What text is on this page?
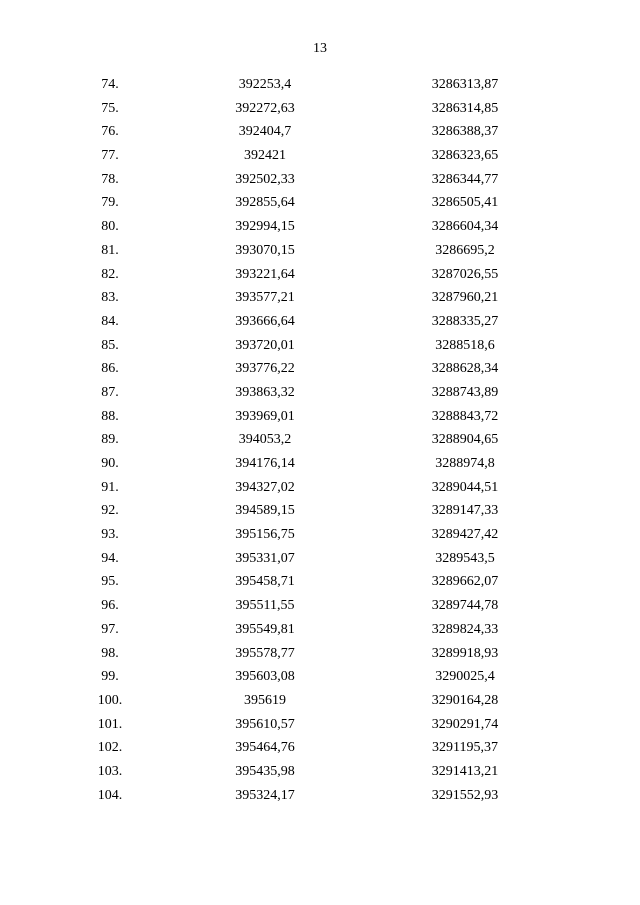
13
74.	392253,4	3286313,87
75.	392272,63	3286314,85
76.	392404,7	3286388,37
77.	392421	3286323,65
78.	392502,33	3286344,77
79.	392855,64	3286505,41
80.	392994,15	3286604,34
81.	393070,15	3286695,2
82.	393221,64	3287026,55
83.	393577,21	3287960,21
84.	393666,64	3288335,27
85.	393720,01	3288518,6
86.	393776,22	3288628,34
87.	393863,32	3288743,89
88.	393969,01	3288843,72
89.	394053,2	3288904,65
90.	394176,14	3288974,8
91.	394327,02	3289044,51
92.	394589,15	3289147,33
93.	395156,75	3289427,42
94.	395331,07	3289543,5
95.	395458,71	3289662,07
96.	395511,55	3289744,78
97.	395549,81	3289824,33
98.	395578,77	3289918,93
99.	395603,08	3290025,4
100.	395619	3290164,28
101.	395610,57	3290291,74
102.	395464,76	3291195,37
103.	395435,98	3291413,21
104.	395324,17	3291552,93
